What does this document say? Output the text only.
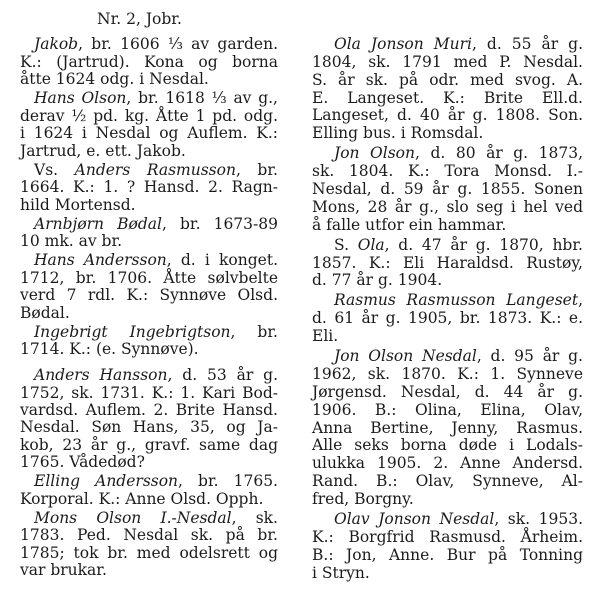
Nr. 2, Jobr.
Jakob, br. 1606 ⅓ av garden.
K.: (Jartrud). Kona og borna
åtte 1624 odg. i Nesdal.
Hans Olson, br. 1618 ⅓ av g.,
derav ½ pd. kg. Åtte 1 pd. odg.
i 1624 i Nesdal og Auflem. K.:
Jartrud, e. ett. Jakob.
Vs. Anders Rasmusson, br.
1664. K.: 1. ? Hansd. 2. Ragn-
hild Mortensd.
Arnbjørn Bødal, br. 1673-89
10 mk. av br.
Hans Andersson, d. i konget.
1712, br. 1706. Åtte sølvbelte
verd 7 rdl. K.: Synnøve Olsd.
Bødal.
Ingebrigt Ingebrigtson, br.
1714. K.: (e. Synnøve).
Anders Hansson, d. 53 år g.
1752, sk. 1731. K.: 1. Kari Bod-
vardsd. Auflem. 2. Brite Hansd.
Nesdal. Søn Hans, 35, og Ja-
kob, 23 år g., gravf. same dag
1765. Vådedød?
Elling Andersson, br. 1765.
Korporal. K.: Anne Olsd. Opph.
Mons Olson I.-Nesdal, sk.
1783. Ped. Nesdal sk. på br.
1785; tok br. med odelsrett og
var brukar.
Ola Jonson Muri, d. 55 år g.
1804, sk. 1791 med P. Nesdal.
S. år sk. på odr. med svog. A.
E. Langeset. K.: Brite Ell.d.
Langeset, d. 40 år g. 1808. Son.
Elling bus. i Romsdal.
Jon Olson, d. 80 år g. 1873,
sk. 1804. K.: Tora Monsd. I.-
Nesdal, d. 59 år g. 1855. Sonen
Mons, 28 år g., slo seg i hel ved
å falle utfor ein hammar.
S. Ola, d. 47 år g. 1870, hbr.
1857. K.: Eli Haraldsd. Rustøy,
d. 77 år g. 1904.
Rasmus Rasmusson Langeset,
d. 61 år g. 1905, br. 1873. K.: e.
Eli.
Jon Olson Nesdal, d. 95 år g.
1962, sk. 1870. K.: 1. Synneve
Jørgensd. Nesdal, d. 44 år g.
1906. B.: Olina, Elina, Olav,
Anna Bertine, Jenny, Rasmus.
Alle seks borna døde i Lodals-
ulukka 1905. 2. Anne Andersd.
Rand. B.: Olav, Synneve, Al-
fred, Borgny.
Olav Jonson Nesdal, sk. 1953.
K.: Borgfrid Rasmusd. Årheim.
B.: Jon, Anne. Bur på Tonning
i Stryn.
